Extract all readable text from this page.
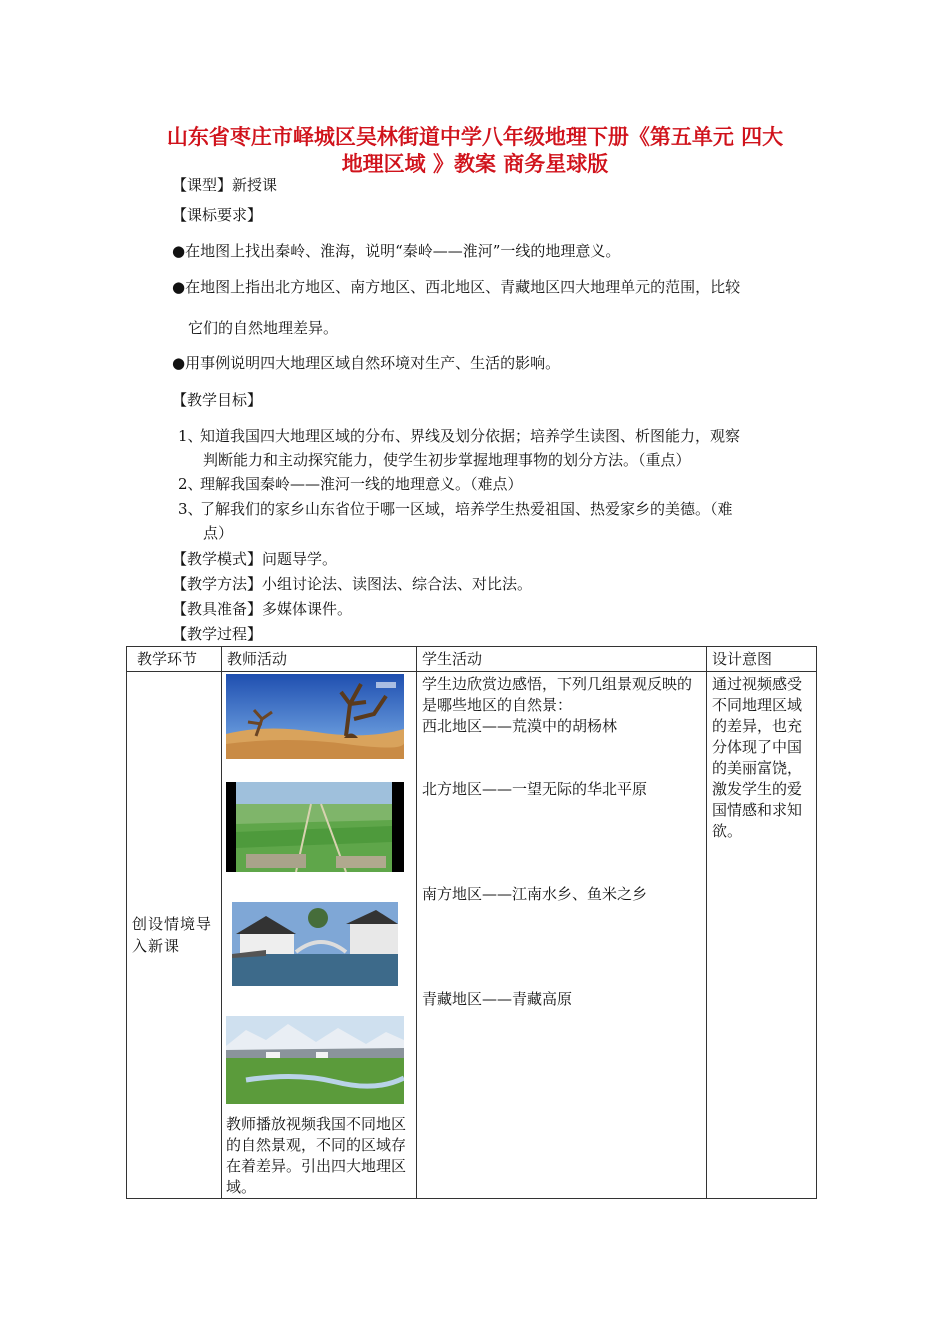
山东省枣庄市峄城区吴林街道中学八年级地理下册《第五单元 四大
地理区域 》教案 商务星球版
【课型】新授课
【课标要求】
●在地图上找出秦岭、淮海，说明“秦岭——淮河”一线的地理意义。
●在地图上指出北方地区、南方地区、西北地区、青藏地区四大地理单元的范围，比较
它们的自然地理差异。
●用事例说明四大地理区域自然环境对生产、生活的影响。
【教学目标】
1、知道我国四大地理区域的分布、界线及划分依据；培养学生读图、析图能力，观察
判断能力和主动探究能力，使学生初步掌握地理事物的划分方法。（重点）
2、理解我国秦岭——淮河一线的地理意义。（难点）
3、了解我们的家乡山东省位于哪一区域，培养学生热爱祖国、热爱家乡的美德。（难
点）
【教学模式】问题导学。
【教学方法】小组讨论法、读图法、综合法、对比法。
【教具准备】多媒体课件。
【教学过程】
教学环节	教师活动	学生活动	设计意图
创设情境导入新课	教师播放视频我国不同地区的自然景观，不同的区域存在着差异。引出四大地理区域。	学生边欣赏边感悟，下列几组景观反映的是哪些地区的自然景：

西北地区——荒漠中的胡杨林

北方地区——一望无际的华北平原

南方地区——江南水乡、鱼米之乡

青藏地区——青藏高原	通过视频感受不同地理区域的差异，也充分体现了中国的美丽富饶，激发学生的爱国情感和求知欲。
